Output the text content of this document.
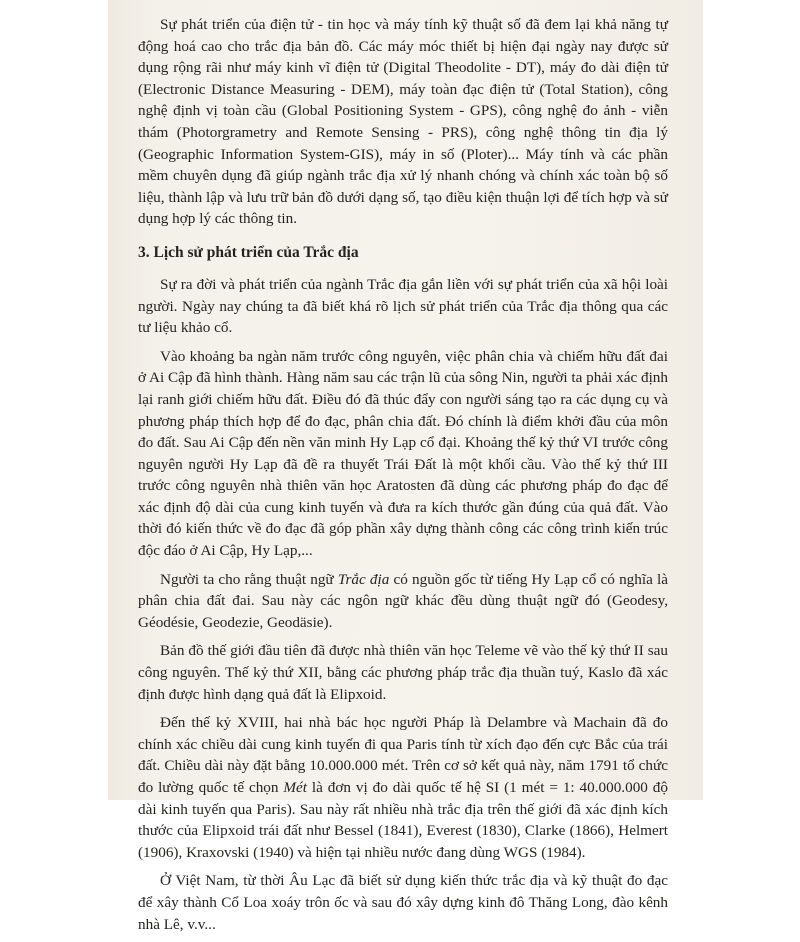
Sự phát triển của điện tử - tin học và máy tính kỹ thuật số đã đem lại khả năng tự động hoá cao cho trắc địa bản đồ. Các máy móc thiết bị hiện đại ngày nay được sử dụng rộng rãi như máy kinh vĩ điện tử (Digital Theodolite - DT), máy đo dài điện tử (Electronic Distance Measuring - DEM), máy toàn đạc điện tử (Total Station), công nghệ định vị toàn cầu (Global Positioning System - GPS), công nghệ đo ảnh - viễn thám (Photorgrametry and Remote Sensing - PRS), công nghệ thông tin địa lý (Geographic Information System-GIS), máy in số (Ploter)... Máy tính và các phần mềm chuyên dụng đã giúp ngành trắc địa xử lý nhanh chóng và chính xác toàn bộ số liệu, thành lập và lưu trữ bản đồ dưới dạng số, tạo điều kiện thuận lợi để tích hợp và sử dụng hợp lý các thông tin.

3. Lịch sử phát triển của Trắc địa

Sự ra đời và phát triển của ngành Trắc địa gắn liền với sự phát triển của xã hội loài người. Ngày nay chúng ta đã biết khá rõ lịch sử phát triển của Trắc địa thông qua các tư liệu khảo cổ.

Vào khoảng ba ngàn năm trước công nguyên, việc phân chia và chiếm hữu đất đai ở Ai Cập đã hình thành. Hàng năm sau các trận lũ của sông Nin, người ta phải xác định lại ranh giới chiếm hữu đất. Điều đó đã thúc đẩy con người sáng tạo ra các dụng cụ và phương pháp thích hợp để đo đạc, phân chia đất. Đó chính là điểm khởi đầu của môn đo đất. Sau Ai Cập đến nền văn minh Hy Lạp cổ đại. Khoảng thế kỷ thứ VI trước công nguyên người Hy Lạp đã đề ra thuyết Trái Đất là một khối cầu. Vào thế kỷ thứ III trước công nguyên nhà thiên văn học Aratosten đã dùng các phương pháp đo đạc để xác định độ dài của cung kinh tuyến và đưa ra kích thước gần đúng của quả đất. Vào thời đó kiến thức về đo đạc đã góp phần xây dựng thành công các công trình kiến trúc độc đáo ở Ai Cập, Hy Lạp,...

Người ta cho rằng thuật ngữ Trắc địa có nguồn gốc từ tiếng Hy Lạp cổ có nghĩa là phân chia đất đai. Sau này các ngôn ngữ khác đều dùng thuật ngữ đó (Geodesy, Géodésie, Geodezie, Geodäsie).

Bản đồ thế giới đầu tiên đã được nhà thiên văn học Teleme vẽ vào thế kỷ thứ II sau công nguyên. Thế kỷ thứ XII, bằng các phương pháp trắc địa thuần tuý, Kaslo đã xác định được hình dạng quả đất là Elipxoid.

Đến thế kỷ XVIII, hai nhà bác học người Pháp là Delambre và Machain đã đo chính xác chiều dài cung kinh tuyến đi qua Paris tính từ xích đạo đến cực Bắc của trái đất. Chiều dài này đặt bằng 10.000.000 mét. Trên cơ sở kết quả này, năm 1791 tổ chức đo lường quốc tế chọn Mét là đơn vị đo dài quốc tế hệ SI (1 mét = 1: 40.000.000 độ dài kinh tuyến qua Paris). Sau này rất nhiều nhà trắc địa trên thế giới đã xác định kích thước của Elipxoid trái đất như Bessel (1841), Everest (1830), Clarke (1866), Helmert (1906), Kraxovski (1940) và hiện tại nhiều nước đang dùng WGS (1984).

Ở Việt Nam, từ thời Âu Lạc đã biết sử dụng kiến thức trắc địa và kỹ thuật đo đạc để xây thành Cổ Loa xoáy trôn ốc và sau đó xây dựng kinh đô Thăng Long, đào kênh nhà Lê, v.v...
